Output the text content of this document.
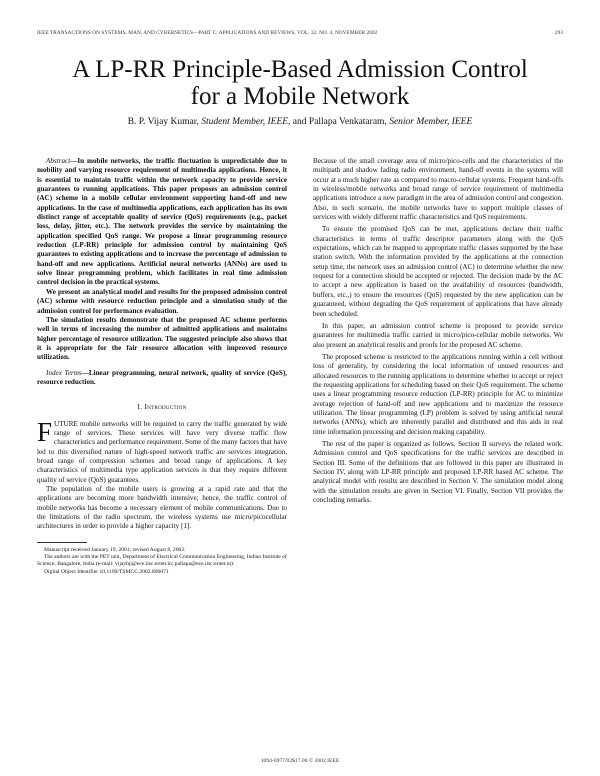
IEEE TRANSACTIONS ON SYSTEMS, MAN, AND CYBERNETICS—PART C: APPLICATIONS AND REVIEWS, VOL. 32, NO. 4, NOVEMBER 2002	293
A LP-RR Principle-Based Admission Control
for a Mobile Network
B. P. Vijay Kumar, Student Member, IEEE, and Pallapa Venkataram, Senior Member, IEEE

Abstract—In mobile networks, the traffic fluctuation is unpredictable due to mobility and varying resource requirement of multimedia applications. Hence, it is essential to maintain traffic within the network capacity to provide service guarantees to running applications. This paper proposes an admission control (AC) scheme in a mobile cellular environment supporting hand-off and new applications. In the case of multimedia applications, each application has its own distinct range of acceptable quality of service (QoS) requirements (e.g., packet loss, delay, jitter, etc.). The network provides the service by maintaining the application specified QoS range. We propose a linear programming resource reduction (LP-RR) principle for admission control by maintaining QoS guarantees to existing applications and to increase the percentage of admission to hand-off and new applications. Artificial neural networks (ANNs) are used to solve linear programming problem, which facilitates in real time admission control decision in the practical systems.

We present an analytical model and results for the proposed admission control (AC) scheme with resource reduction principle and a simulation study of the admission control for performance evaluation.

The simulation results demonstrate that the proposed AC scheme performs well in terms of increasing the number of admitted applications and maintains higher percentage of resource utilization. The suggested principle also shows that it is appropriate for the fair resource allocation with improved resource utilization.

Index Terms—Linear programming, neural network, quality of service (QoS), resource reduction.

I. Introduction

FUTURE mobile networks will be required to carry the traffic generated by wide range of services. These services will have very diverse traffic flow characteristics and performance requirement. Some of the many factors that have led to this diversified nature of high-speed network traffic are services integration, broad range of compression schemes and broad range of applications. A key characteristics of multimedia type application services is that they require different quality of service (QoS) guarantees.

The population of the mobile users is growing at a rapid rate and that the applications are becoming more bandwidth intensive; hence, the traffic control of mobile networks has become a necessary element of mobile communications. Due to the limitations of the radio spectrum, the wireless systems use micro/picocellular architectures in order to provide a higher capacity [1].

Manuscript received January 19, 2001; revised August 8, 2002.
The authors are with the PET unit, Department of Electrical Communication Engineering, Indian Institute of Science, Bangalore, India (e-mail: vijaybp@ece.iisc.ernet.in; pallapa@ece.iisc.ernet.in).
Digital Object Identifier 10.1109/TSMCC.2002.806071

Because of the small coverage area of micro/pico-cells and the characteristics of the multipath and shadow fading radio environment, hand-off events in the systems will occur at a much higher rate as compared to macro-cellular systems. Frequent hand-offs in wireless/mobile networks and broad range of service requirement of multimedia applications introduce a new paradigm in the area of admission control and congestion. Also, in such scenario, the mobile networks have to support multiple classes of services with widely different traffic characteristics and QoS requirements.

To ensure the promised QoS can be met, applications declare their traffic characteristics in terms of traffic descriptor parameters along with the QoS expectations, which can be mapped to appropriate traffic classes supported by the base station switch. With the information provided by the applications at the connection setup time, the network uses an admission control (AC) to determine whether the new request for a connection should be accepted or rejected. The decision made by the AC to accept a new application is based on the availability of resources (bandwidth, buffers, etc.,) to ensure the resources (QoS) requested by the new application can be guaranteed, without degrading the QoS requirement of applications that have already been scheduled.

In this paper, an admission control scheme is proposed to provide service guarantees for multimedia traffic carried in micro/pico-cellular mobile networks. We also present an analytical results and proofs for the proposed AC scheme.

The proposed scheme is restricted to the applications running within a cell without loss of generality, by considering the local information of unused resources and allocated resources to the running applications to determine whether to accept or reject the requesting applications for scheduling based on their QoS requirement. The scheme uses a linear programming resource reduction (LP-RR) principle for AC to minimize average rejection of hand-off and new applications and to maximize the resource utilization. The linear programming (LP) problem is solved by using artificial neural networks (ANNs), which are inherently parallel and distributed and this aids in real time information processing and decision making capability.

The rest of the paper is organized as follows. Section II surveys the related work. Admission control and QoS specifications for the traffic services are described in Section III. Some of the definitions that are followed in this paper are illustrated in Section IV, along with LP-RR principle and proposed LP-RR based AC scheme. The analytical model with results are described in Section V. The simulation model along with the simulation results are given in Section VI. Finally, Section VII provides the concluding remarks.

1094-6977/02$17.00 © 2002 IEEE
